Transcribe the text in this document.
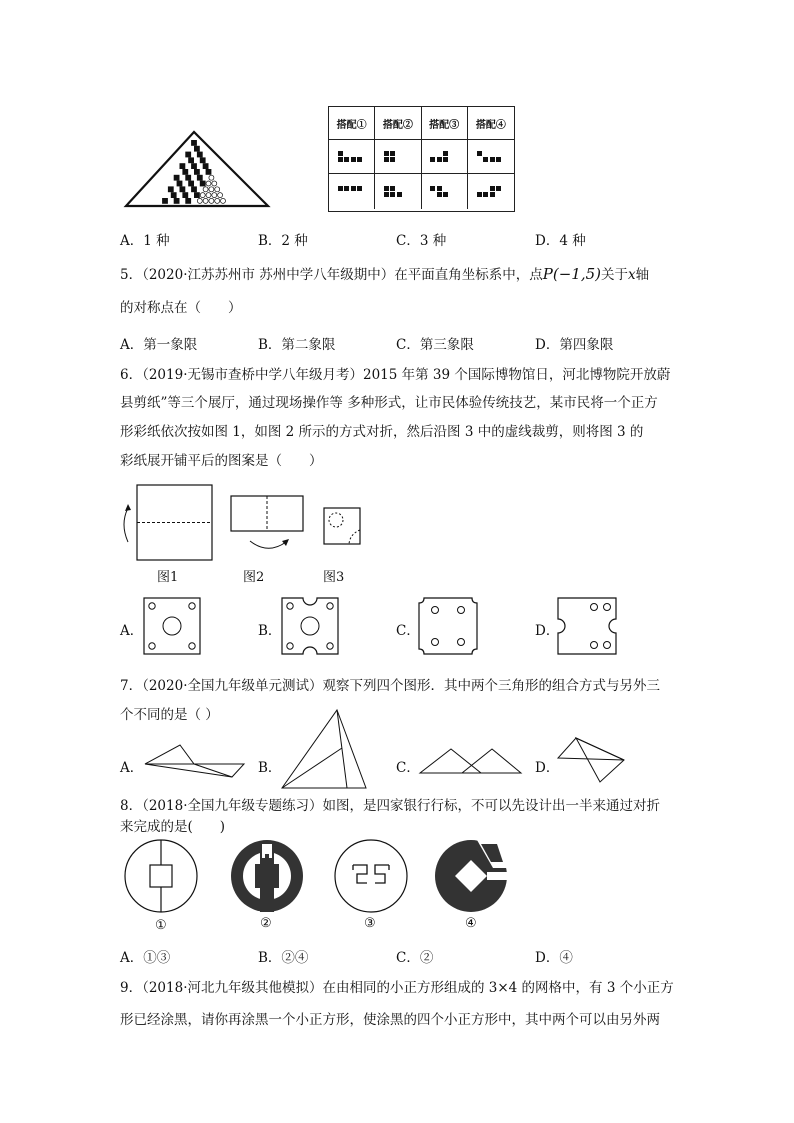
搭配①	搭配②	搭配③	搭配④
A．1 种	B．2 种	C．3 种	D．4 种
5．（2020·江苏苏州市 苏州中学八年级期中）在平面直角坐标系中，点P(−1,5)关于x轴
的对称点在（　　）
A．第一象限	B．第二象限	C．第三象限	D．第四象限
6．（2019·无锡市查桥中学八年级月考）2015 年第 39 个国际博物馆日，河北博物院开放蔚
县剪纸”等三个展厅，通过现场操作等 多种形式，让市民体验传统技艺，某市民将一个正方
形彩纸依次按如图 1，如图 2 所示的方式对折，然后沿图 3 中的虚线裁剪，则将图 3 的
彩纸展开铺平后的图案是（　　）
图1	图2	图3
A．	B．	C．	D．
7．（2020·全国九年级单元测试）观察下列四个图形．其中两个三角形的组合方式与另外三
个不同的是（ ）
A．	B．	C．	D．
8．（2018·全国九年级专题练习）如图，是四家银行行标，不可以先设计出一半来通过对折
来完成的是(　　)
①	②	③	④
A．①③	B．②④	C．②	D．④
9．（2018·河北九年级其他模拟）在由相同的小正方形组成的 3×4 的网格中，有 3 个小正方
形已经涂黑，请你再涂黑一个小正方形，使涂黑的四个小正方形中，其中两个可以由另外两
